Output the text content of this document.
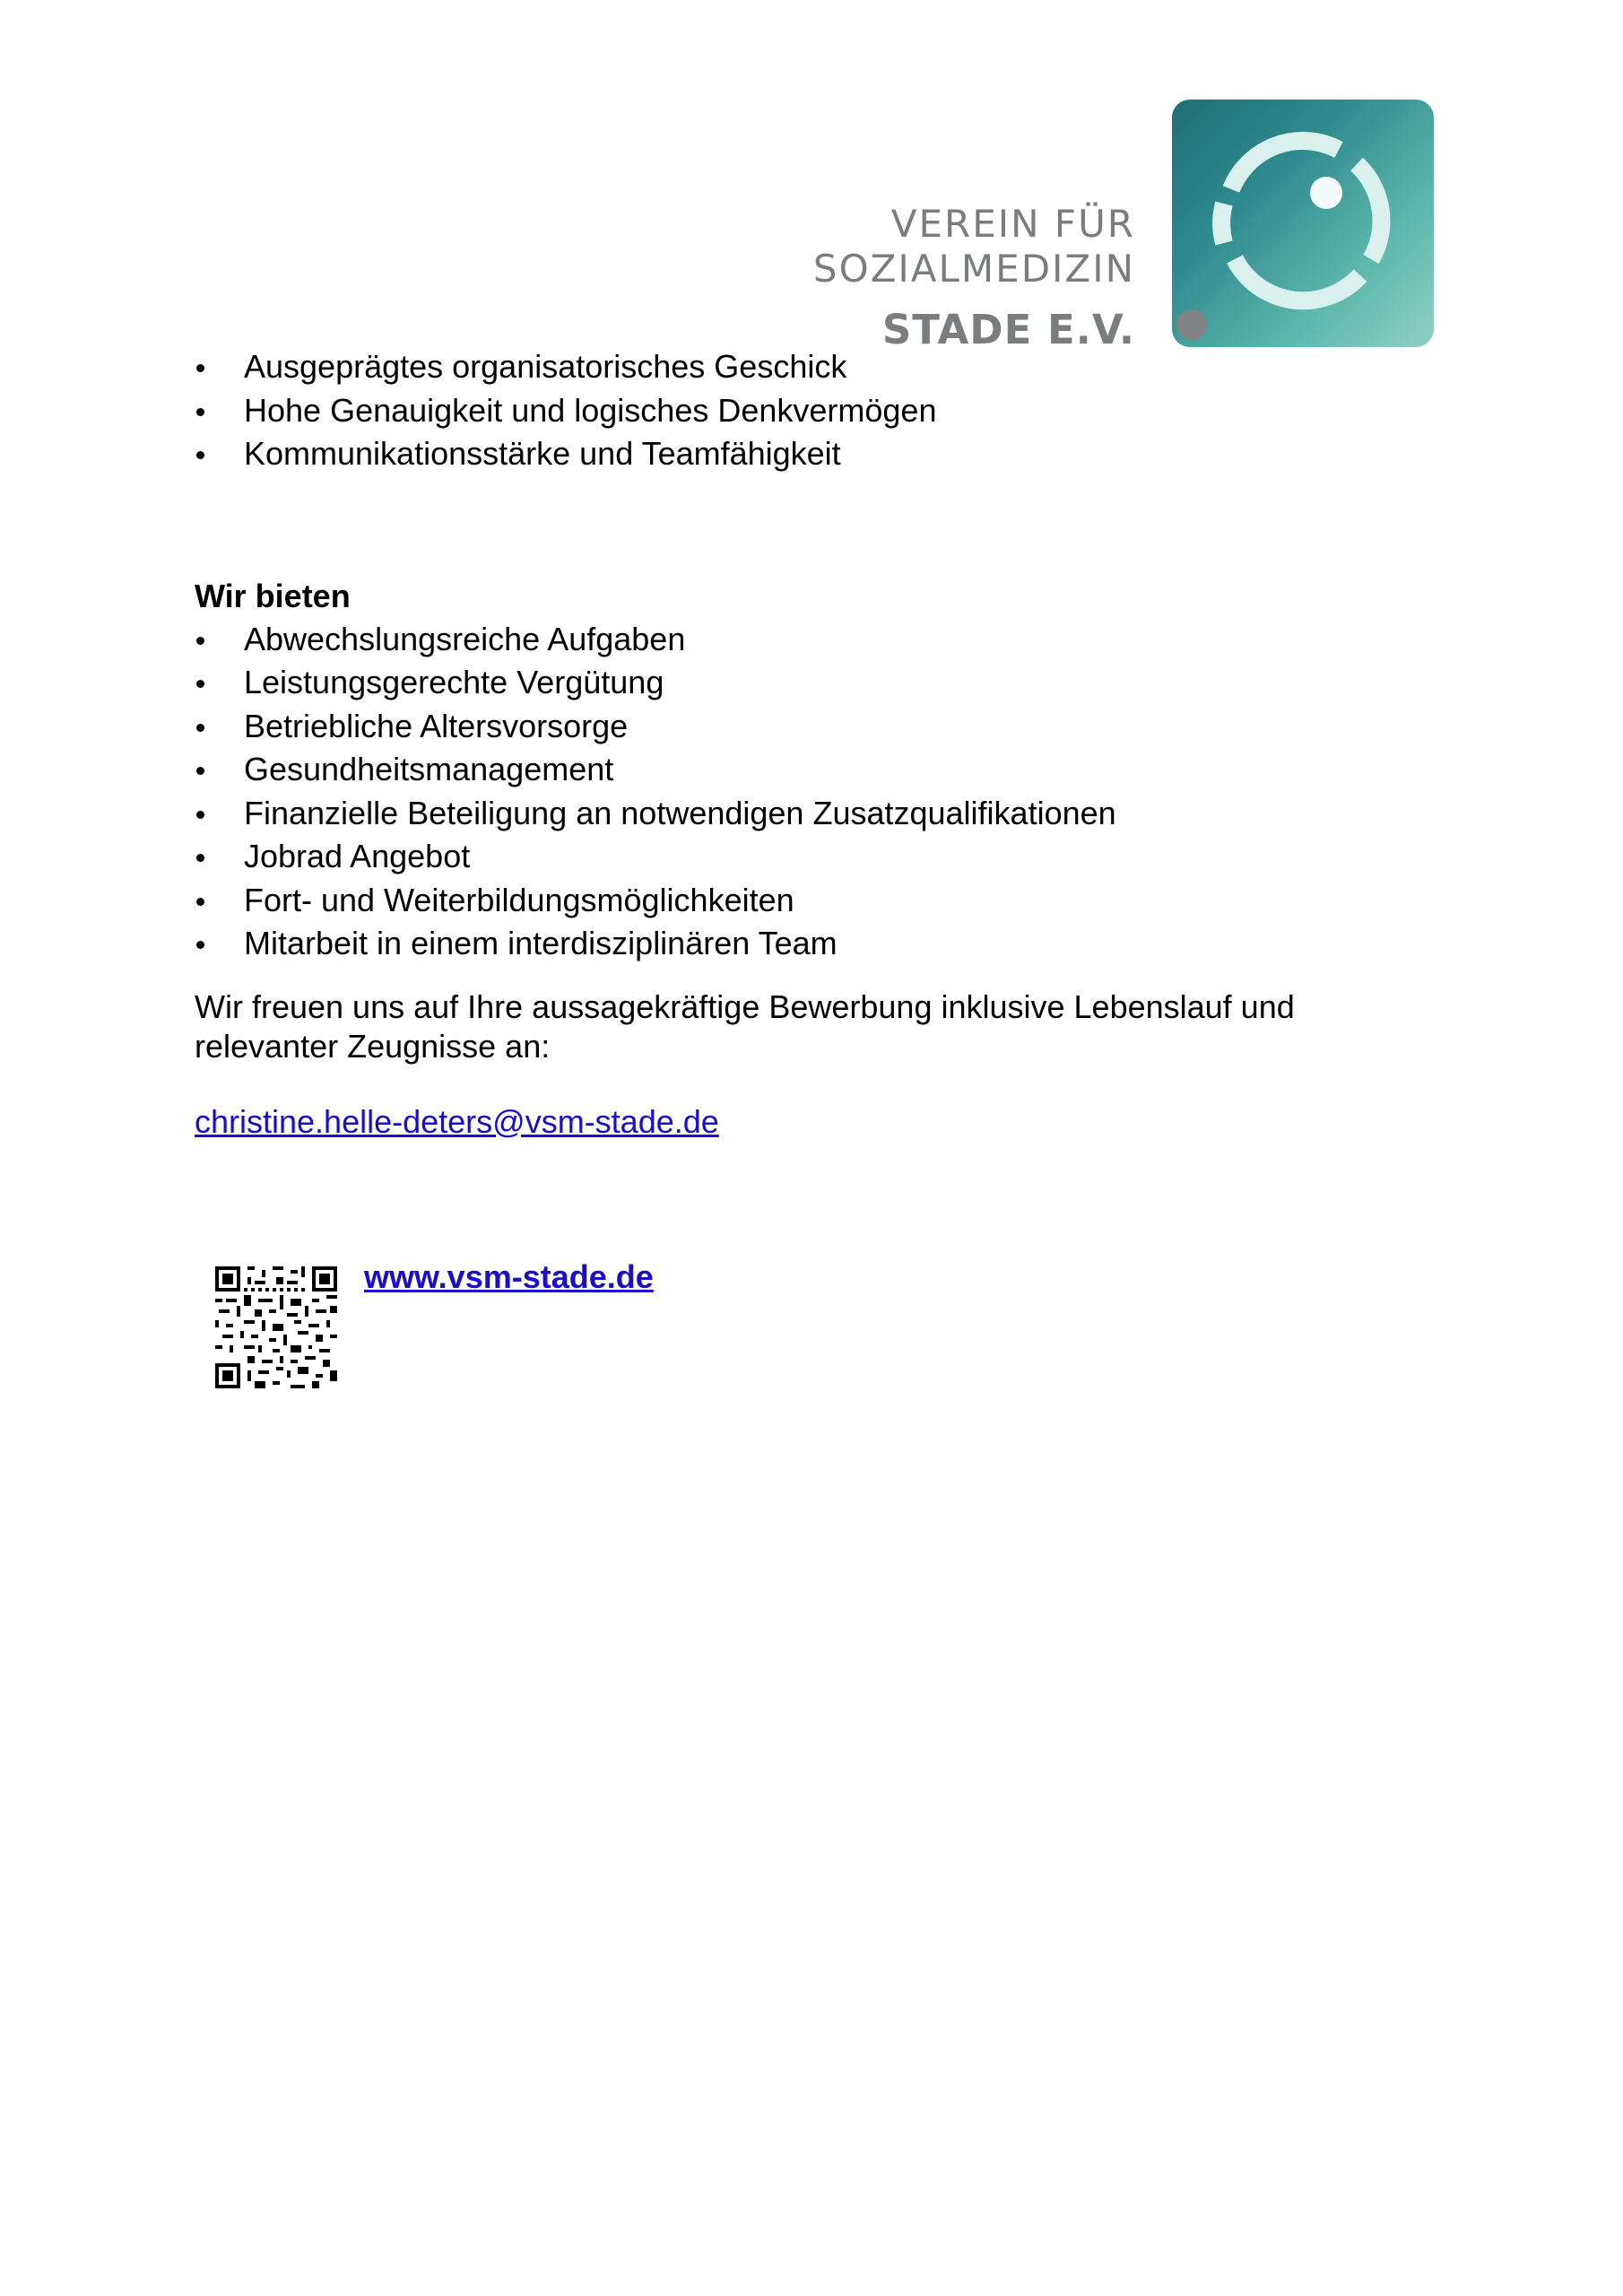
VEREIN FÜR
SOZIALMEDIZIN
STADE E.V.
Ausgeprägtes organisatorisches Geschick
Hohe Genauigkeit und logisches Denkvermögen
Kommunikationsstärke und Teamfähigkeit
Wir bieten
Abwechslungsreiche Aufgaben
Leistungsgerechte Vergütung
Betriebliche Altersvorsorge
Gesundheitsmanagement
Finanzielle Beteiligung an notwendigen Zusatzqualifikationen
Jobrad Angebot
Fort- und Weiterbildungsmöglichkeiten
Mitarbeit in einem interdisziplinären Team
Wir freuen uns auf Ihre aussagekräftige Bewerbung inklusive Lebenslauf und relevanter Zeugnisse an:
christine.helle-deters@vsm-stade.de
www.vsm-stade.de
